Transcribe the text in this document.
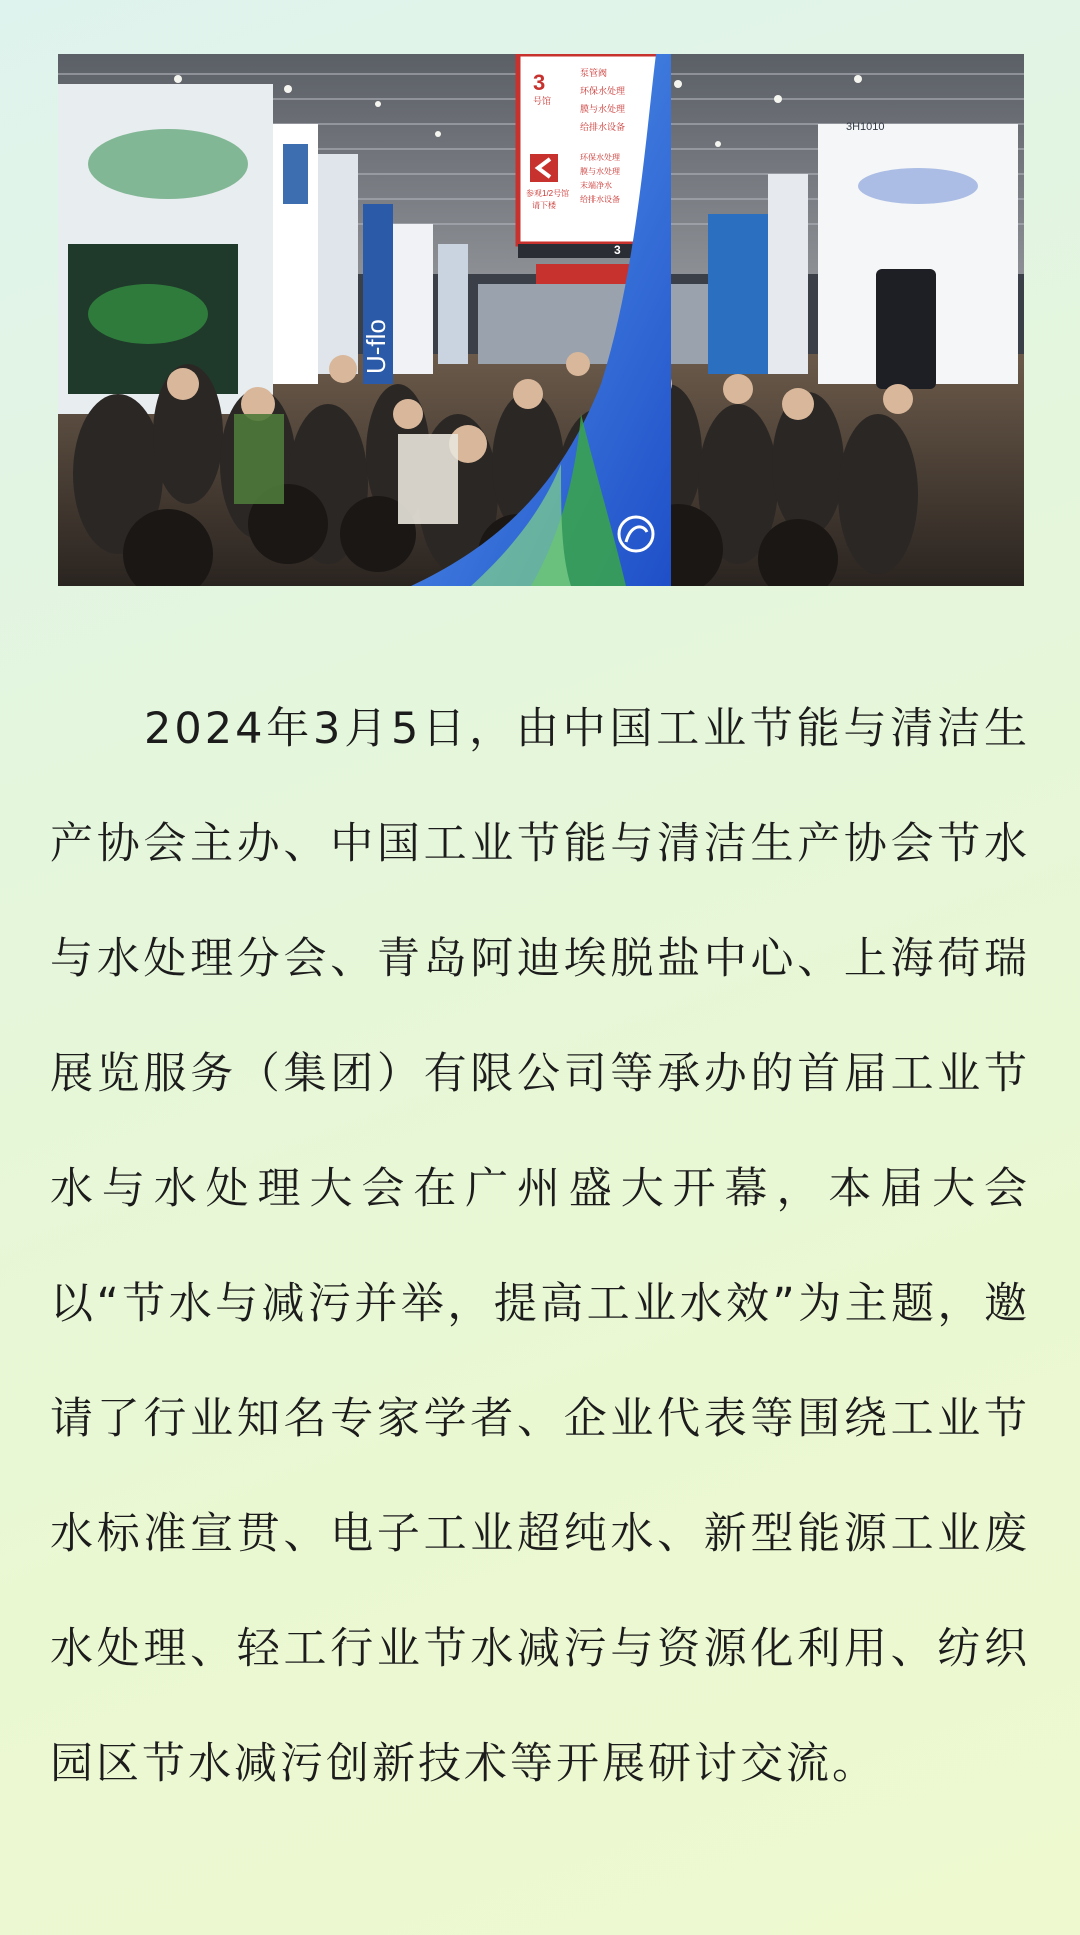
U-flo
3
号馆
泵管阀
环保水处理
膜与水处理
给排水设备
环保水处理
膜与水处理
末端净水
给排水设备
参观1/2号馆
请下楼
3
3H1010

2024年3月5日，由中国工业节能与清洁生产协会主办、中国工业节能与清洁生产协会节水与水处理分会、青岛阿迪埃脱盐中心、上海荷瑞展览服务（集团）有限公司等承办的首届工业节水与水处理大会在广州盛大开幕，本届大会以“节水与减污并举，提高工业水效”为主题，邀请了行业知名专家学者、企业代表等围绕工业节水标准宣贯、电子工业超纯水、新型能源工业废水处理、轻工行业节水减污与资源化利用、纺织园区节水减污创新技术等开展研讨交流。
